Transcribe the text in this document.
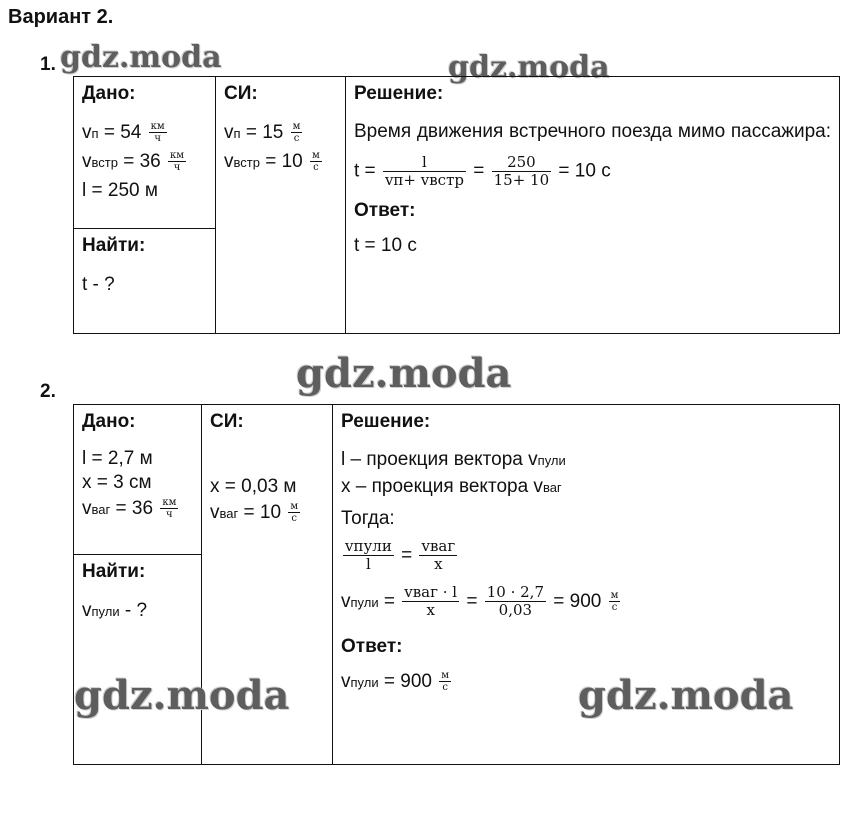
Вариант 2.
1. gdz.moda	gdz.moda
Дано:
vп = $54 \frac{км}{ч}$
vвстр = $36 \frac{км}{ч}$
l = 250 м

СИ:
vп = $15 \frac{м}{с}$
vвстр = $10 \frac{м}{с}$

Решение:
Время движения встречного поезда мимо пассажира:
$t = \frac{l}{\text{vп+ vвстр}} = \frac{250}{15+ 10} = 10$ с
Ответ:
t = 10 с

Найти:
t - ?
gdz.moda
2.
Дано:
l = 2,7 м
x = 3 см
vваг = $36 \frac{км}{ч}$

СИ:
x = 0,03 м
vваг = $10 \frac{м}{с}$

Решение:
l – проекция вектора vпули
x – проекция вектора vваг
Тогда:
$\frac{\text{vпули}}{l} = \frac{\text{vваг}}{x}$
vпули = $\frac{\text{vваг · l}}{x} = \frac{10 \cdot 2,7}{0,03} = 900 \frac{м}{с}$
Ответ:
vпули = $900 \frac{м}{с}$

Найти:
vпули - ?
gdz.moda	gdz.moda
